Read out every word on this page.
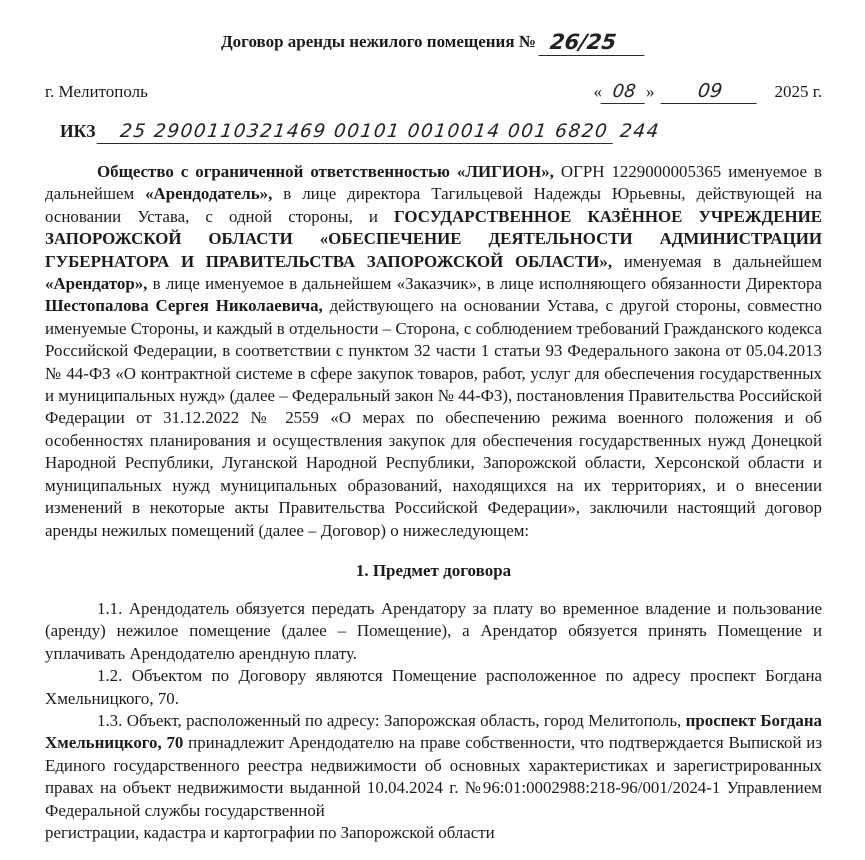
Договор аренды нежилого помещения № 26/25
г. Мелитополь	« 08 » 09	2025 г.
ИКЗ 25 2900110321469 00101 0010014 001 6820 244

Общество с ограниченной ответственностью «ЛИГИОН», ОГРН 1229000005365 именуемое в дальнейшем «Арендодатель», в лице директора Тагильцевой Надежды Юрьевны, действующей на основании Устава, с одной стороны, и ГОСУДАРСТВЕННОЕ КАЗЁННОЕ УЧРЕЖДЕНИЕ ЗАПОРОЖСКОЙ ОБЛАСТИ «ОБЕСПЕЧЕНИЕ ДЕЯТЕЛЬНОСТИ АДМИНИСТРАЦИИ ГУБЕРНАТОРА И ПРАВИТЕЛЬСТВА ЗАПОРОЖСКОЙ ОБЛАСТИ», именуемая в дальнейшем «Арендатор», в лице именуемое в дальнейшем «Заказчик», в лице исполняющего обязанности Директора Шестопалова Сергея Николаевича, действующего на основании Устава, с другой стороны, совместно именуемые Стороны, и каждый в отдельности – Сторона, с соблюдением требований Гражданского кодекса Российской Федерации, в соответствии с пунктом 32 части 1 статьи 93 Федерального закона от 05.04.2013 № 44-ФЗ «О контрактной системе в сфере закупок товаров, работ, услуг для обеспечения государственных и муниципальных нужд» (далее – Федеральный закон № 44-ФЗ), постановления Правительства Российской Федерации от 31.12.2022 № 2559 «О мерах по обеспечению режима военного положения и об особенностях планирования и осуществления закупок для обеспечения государственных нужд Донецкой Народной Республики, Луганской Народной Республики, Запорожской области, Херсонской области и муниципальных нужд муниципальных образований, находящихся на их территориях, и о внесении изменений в некоторые акты Правительства Российской Федерации», заключили настоящий договор аренды нежилых помещений (далее – Договор) о нижеследующем:

1. Предмет договора

1.1. Арендодатель обязуется передать Арендатору за плату во временное владение и пользование (аренду) нежилое помещение (далее – Помещение), а Арендатор обязуется принять Помещение и уплачивать Арендодателю арендную плату.

1.2. Объектом по Договору являются Помещение расположенное по адресу проспект Богдана Хмельницкого, 70.

1.3. Объект, расположенный по адресу: Запорожская область, город Мелитополь, проспект Богдана Хмельницкого, 70 принадлежит Арендодателю на праве собственности, что подтверждается Выпиской из Единого государственного реестра недвижимости об основных характеристиках и зарегистрированных правах на объект недвижимости выданной 10.04.2024 г. №96:01:0002988:218-96/001/2024-1 Управлением Федеральной службы государственной

регистрации, кадастра и картографии по Запорожской области
